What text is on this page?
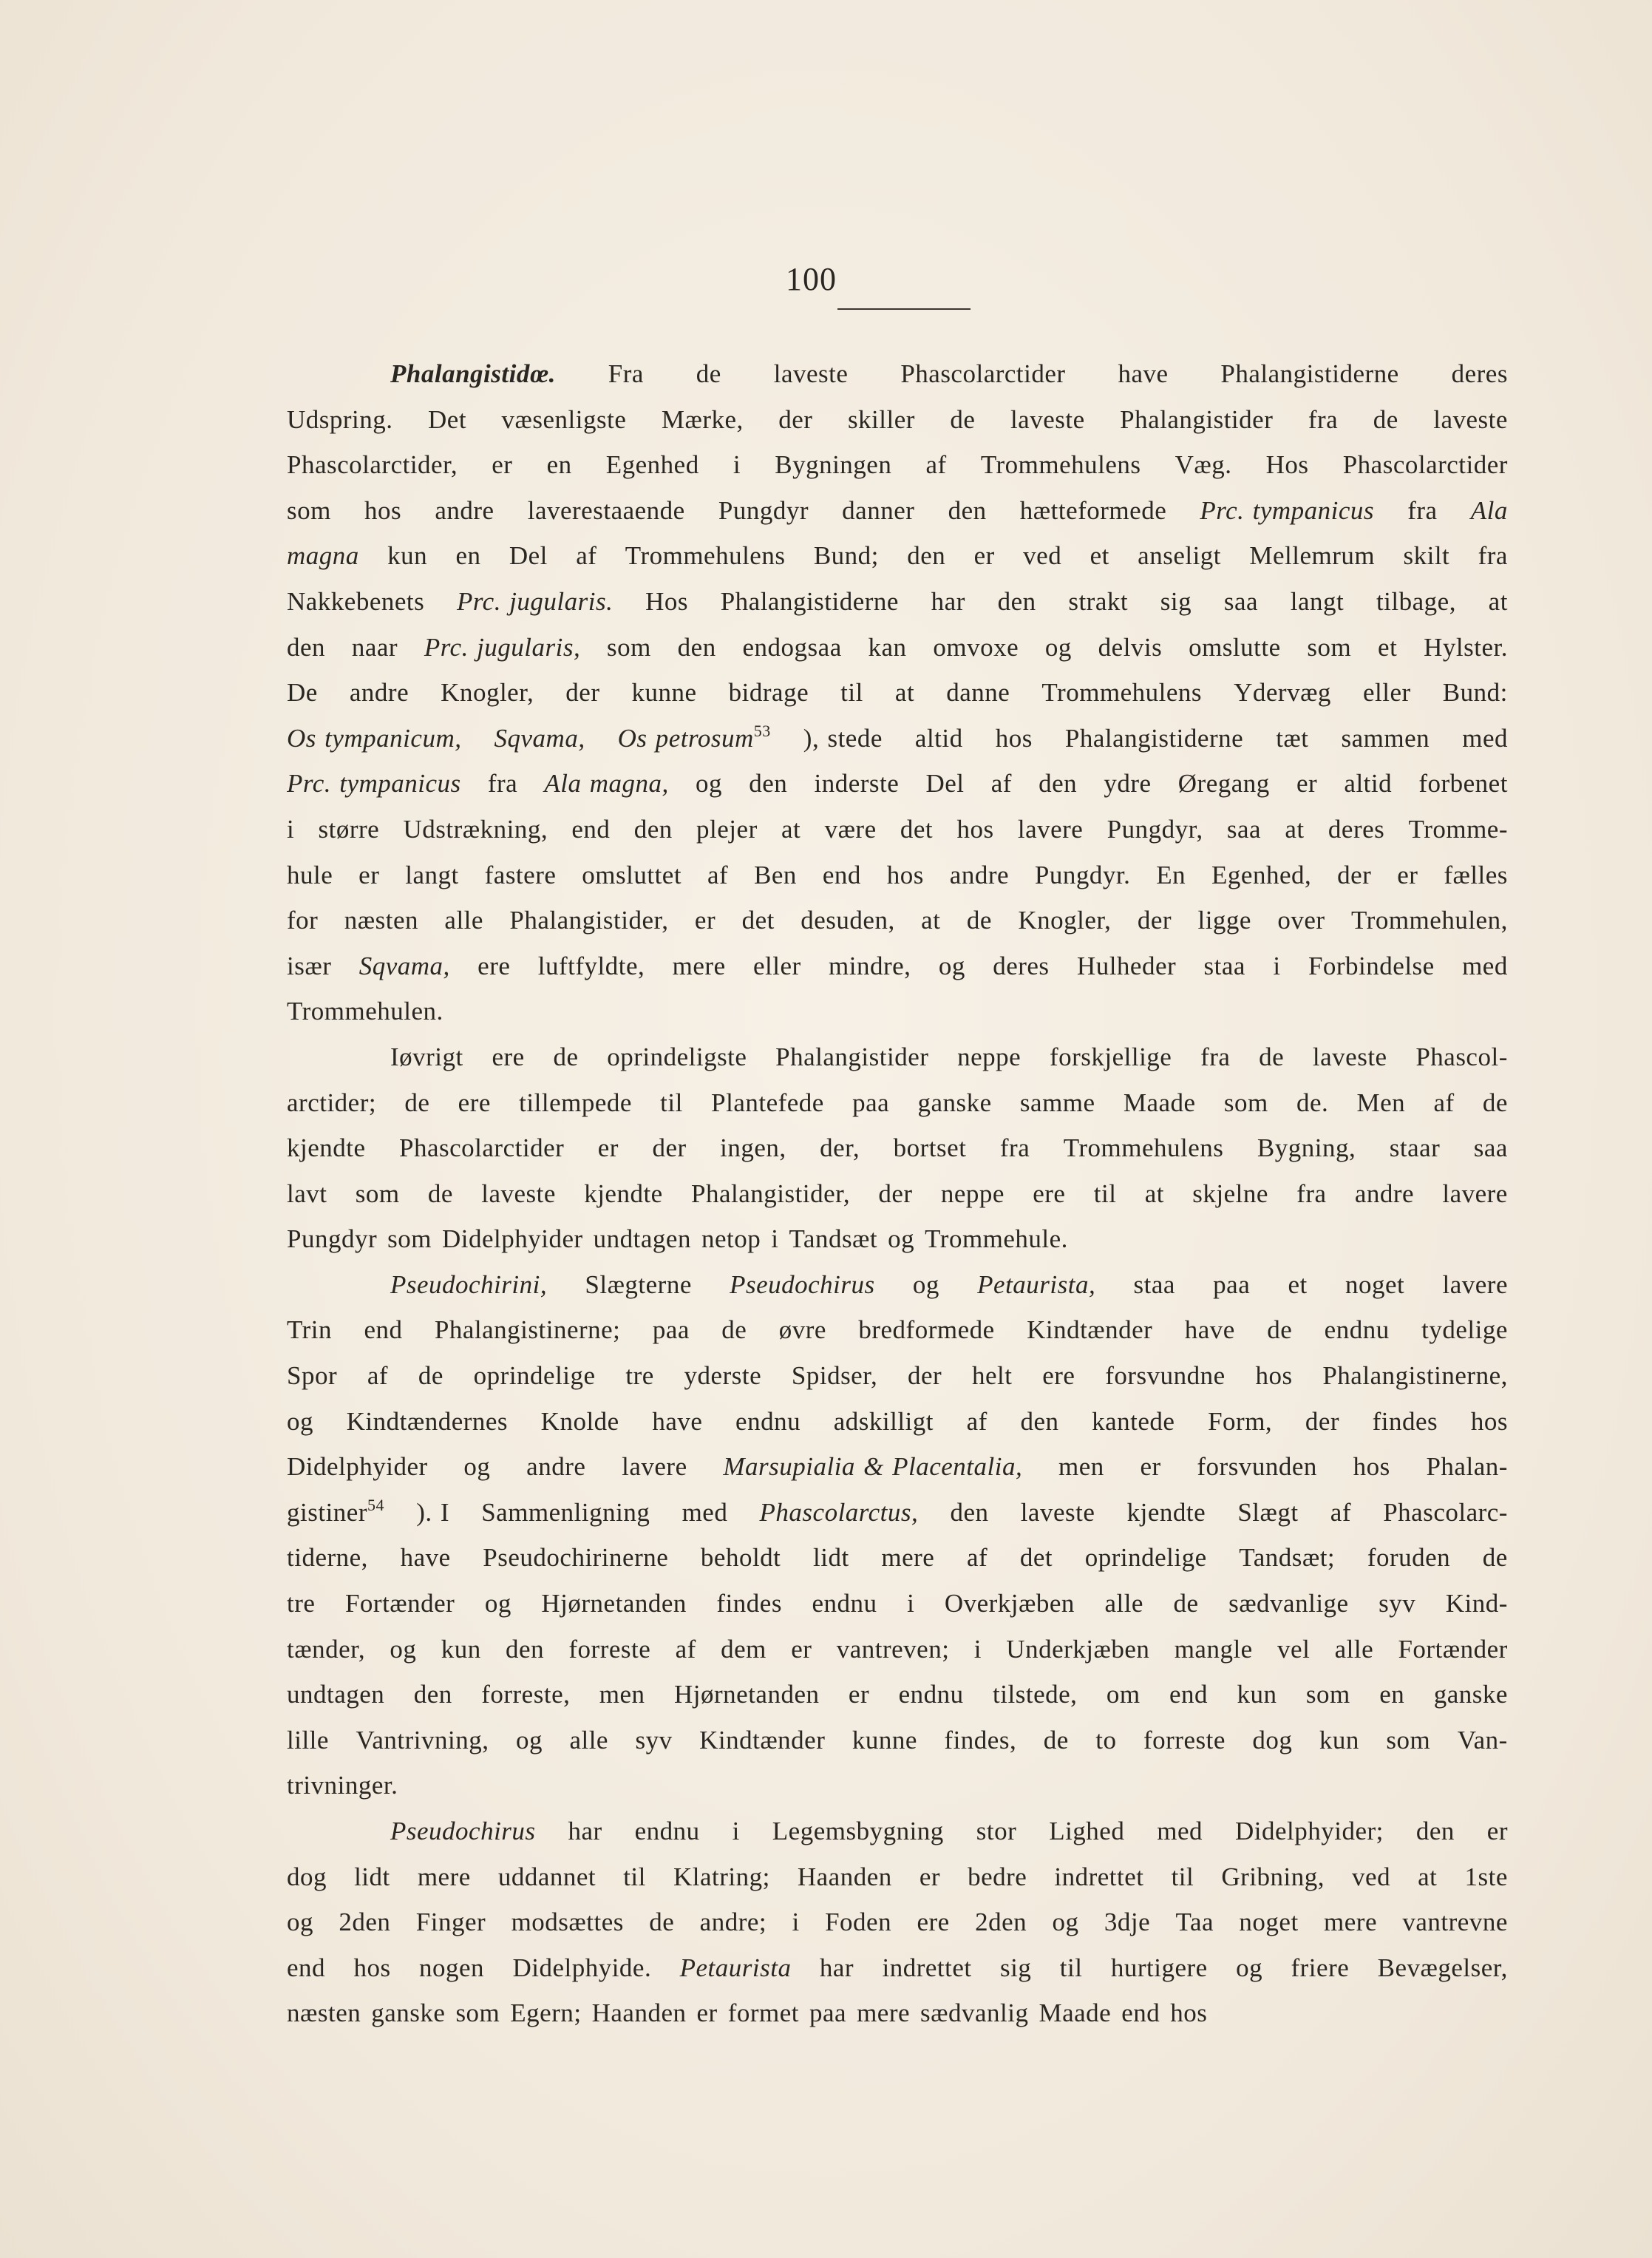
100
Phalangistidœ. Fra de laveste Phascolarctider have Phalangistiderne deres
Udspring. Det væsenligste Mærke, der skiller de laveste Phalangistider fra de laveste
Phascolarctider, er en Egenhed i Bygningen af Trommehulens Væg. Hos Phascolarctider
som hos andre laverestaaende Pungdyr danner den hætteformede Prc. tympanicus fra Ala
magna kun en Del af Trommehulens Bund; den er ved et anseligt Mellemrum skilt fra
Nakkebenets Prc. jugularis. Hos Phalangistiderne har den strakt sig saa langt tilbage, at
den naar Prc. jugularis, som den endogsaa kan omvoxe og delvis omslutte som et Hylster.
De andre Knogler, der kunne bidrage til at danne Trommehulens Ydervæg eller Bund:
Os tympanicum, Sqvama, Os petrosum$^{53}$ ), stede altid hos Phalangistiderne tæt sammen med
Prc. tympanicus fra Ala magna, og den inderste Del af den ydre Øregang er altid forbenet
i større Udstrækning, end den plejer at være det hos lavere Pungdyr, saa at deres Tromme-
hule er langt fastere omsluttet af Ben end hos andre Pungdyr. En Egenhed, der er fælles
for næsten alle Phalangistider, er det desuden, at de Knogler, der ligge over Trommehulen,
især Sqvama, ere luftfyldte, mere eller mindre, og deres Hulheder staa i Forbindelse med
Trommehulen.
Iøvrigt ere de oprindeligste Phalangistider neppe forskjellige fra de laveste Phascol-
arctider; de ere tillempede til Plantefede paa ganske samme Maade som de. Men af de
kjendte Phascolarctider er der ingen, der, bortset fra Trommehulens Bygning, staar saa
lavt som de laveste kjendte Phalangistider, der neppe ere til at skjelne fra andre lavere
Pungdyr som Didelphyider undtagen netop i Tandsæt og Trommehule.
Pseudochirini, Slægterne Pseudochirus og Petaurista, staa paa et noget lavere
Trin end Phalangistinerne; paa de øvre bredformede Kindtænder have de endnu tydelige
Spor af de oprindelige tre yderste Spidser, der helt ere forsvundne hos Phalangistinerne,
og Kindtændernes Knolde have endnu adskilligt af den kantede Form, der findes hos
Didelphyider og andre lavere Marsupialia & Placentalia, men er forsvunden hos Phalan-
gistiner$^{54}$ ). I Sammenligning med Phascolarctus, den laveste kjendte Slægt af Phascolarc-
tiderne, have Pseudochirinerne beholdt lidt mere af det oprindelige Tandsæt; foruden de
tre Fortænder og Hjørnetanden findes endnu i Overkjæben alle de sædvanlige syv Kind-
tænder, og kun den forreste af dem er vantreven; i Underkjæben mangle vel alle Fortænder
undtagen den forreste, men Hjørnetanden er endnu tilstede, om end kun som en ganske
lille Vantrivning, og alle syv Kindtænder kunne findes, de to forreste dog kun som Van-
trivninger.
Pseudochirus har endnu i Legemsbygning stor Lighed med Didelphyider; den er
dog lidt mere uddannet til Klatring; Haanden er bedre indrettet til Gribning, ved at 1ste
og 2den Finger modsættes de andre; i Foden ere 2den og 3dje Taa noget mere vantrevne
end hos nogen Didelphyide. Petaurista har indrettet sig til hurtigere og friere Bevægelser,
næsten ganske som Egern; Haanden er formet paa mere sædvanlig Maade end hos
